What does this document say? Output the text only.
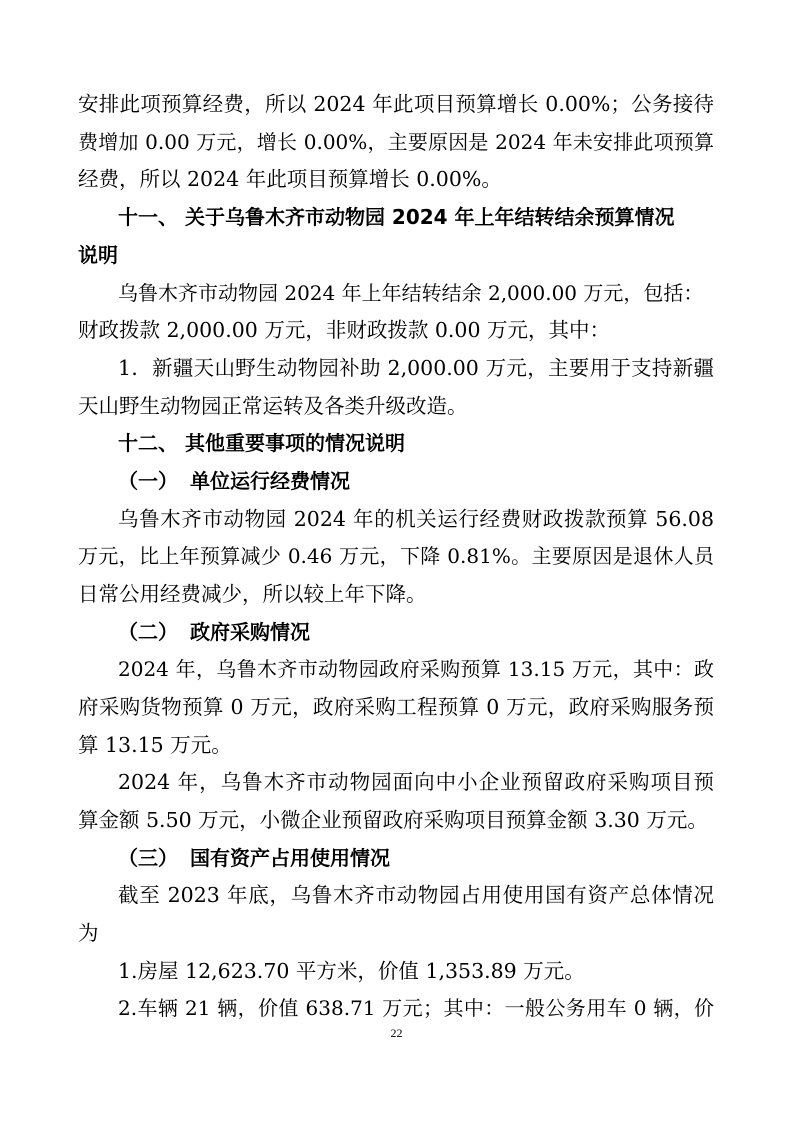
安排此项预算经费，所以 2024 年此项目预算增长 0.00%；公务接待
费增加 0.00 万元，增长 0.00%，主要原因是 2024 年未安排此项预算
经费，所以 2024 年此项目预算增长 0.00%。
十一、 关于乌鲁木齐市动物园 2024 年上年结转结余预算情况
说明
乌鲁木齐市动物园 2024 年上年结转结余 2,000.00 万元，包括：
财政拨款 2,000.00 万元，非财政拨款 0.00 万元，其中：
1．新疆天山野生动物园补助 2,000.00 万元，主要用于支持新疆
天山野生动物园正常运转及各类升级改造。
十二、 其他重要事项的情况说明
（一） 单位运行经费情况
乌鲁木齐市动物园 2024 年的机关运行经费财政拨款预算 56.08
万元，比上年预算减少 0.46 万元，下降 0.81%。主要原因是退休人员
日常公用经费减少，所以较上年下降。
（二） 政府采购情况
2024 年，乌鲁木齐市动物园政府采购预算 13.15 万元，其中：政
府采购货物预算 0 万元，政府采购工程预算 0 万元，政府采购服务预
算 13.15 万元。
2024 年，乌鲁木齐市动物园面向中小企业预留政府采购项目预
算金额 5.50 万元，小微企业预留政府采购项目预算金额 3.30 万元。
（三） 国有资产占用使用情况
截至 2023 年底，乌鲁木齐市动物园占用使用国有资产总体情况
为
1.房屋 12,623.70 平方米，价值 1,353.89 万元。
2.车辆 21 辆，价值 638.71 万元；其中：一般公务用车 0 辆，价
22
